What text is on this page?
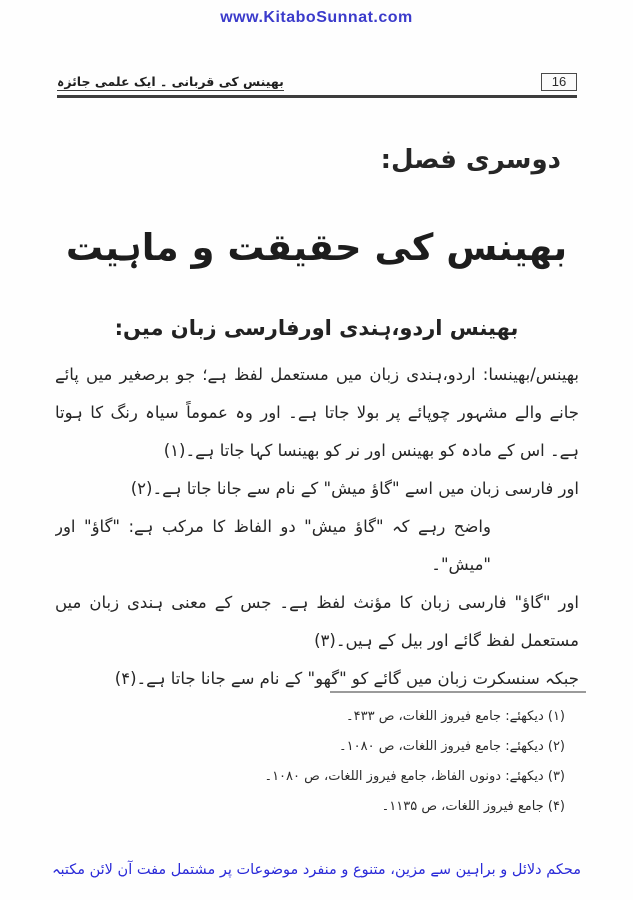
www.KitaboSunnat.com
بھینس کی قربانی ۔ ایک علمی جائزہ	16
دوسری فصل:
بھینس کی حقیقت و ماہیت
بھینس اردو،ہندی اورفارسی زبان میں:

بھینس/بھینسا: اردو،ہندی زبان میں مستعمل لفظ ہے؛ جو برصغیر میں پائے جانے والے مشہور چوپائے پر بولا جاتا ہے۔ اور وہ عموماً سیاہ رنگ کا ہوتا ہے۔ اس کے مادہ کو بھینس اور نر کو بھینسا کہا جاتا ہے۔(۱)

اور فارسی زبان میں اسے "گاؤ میش" کے نام سے جانا جاتا ہے۔(۲)

واضح رہے کہ "گاؤ میش" دو الفاظ کا مرکب ہے: "گاؤ" اور "میش"۔

اور "گاؤ" فارسی زبان کا مؤنث لفظ ہے۔ جس کے معنی ہندی زبان میں مستعمل لفظ گائے اور بیل کے ہیں۔(۳)

جبکہ سنسکرت زبان میں گائے کو "گھو" کے نام سے جانا جاتا ہے۔(۴)

(۱) دیکھئے: جامع فیروز اللغات، ص ۴۳۳۔
(۲) دیکھئے: جامع فیروز اللغات، ص ۱۰۸۰۔
(۳) دیکھئے: دونوں الفاظ، جامع فیروز اللغات، ص ۱۰۸۰۔
(۴) جامع فیروز اللغات، ص ۱۱۳۵۔
محکم دلائل و براہین سے مزین، متنوع و منفرد موضوعات پر مشتمل مفت آن لائن مکتبہ
